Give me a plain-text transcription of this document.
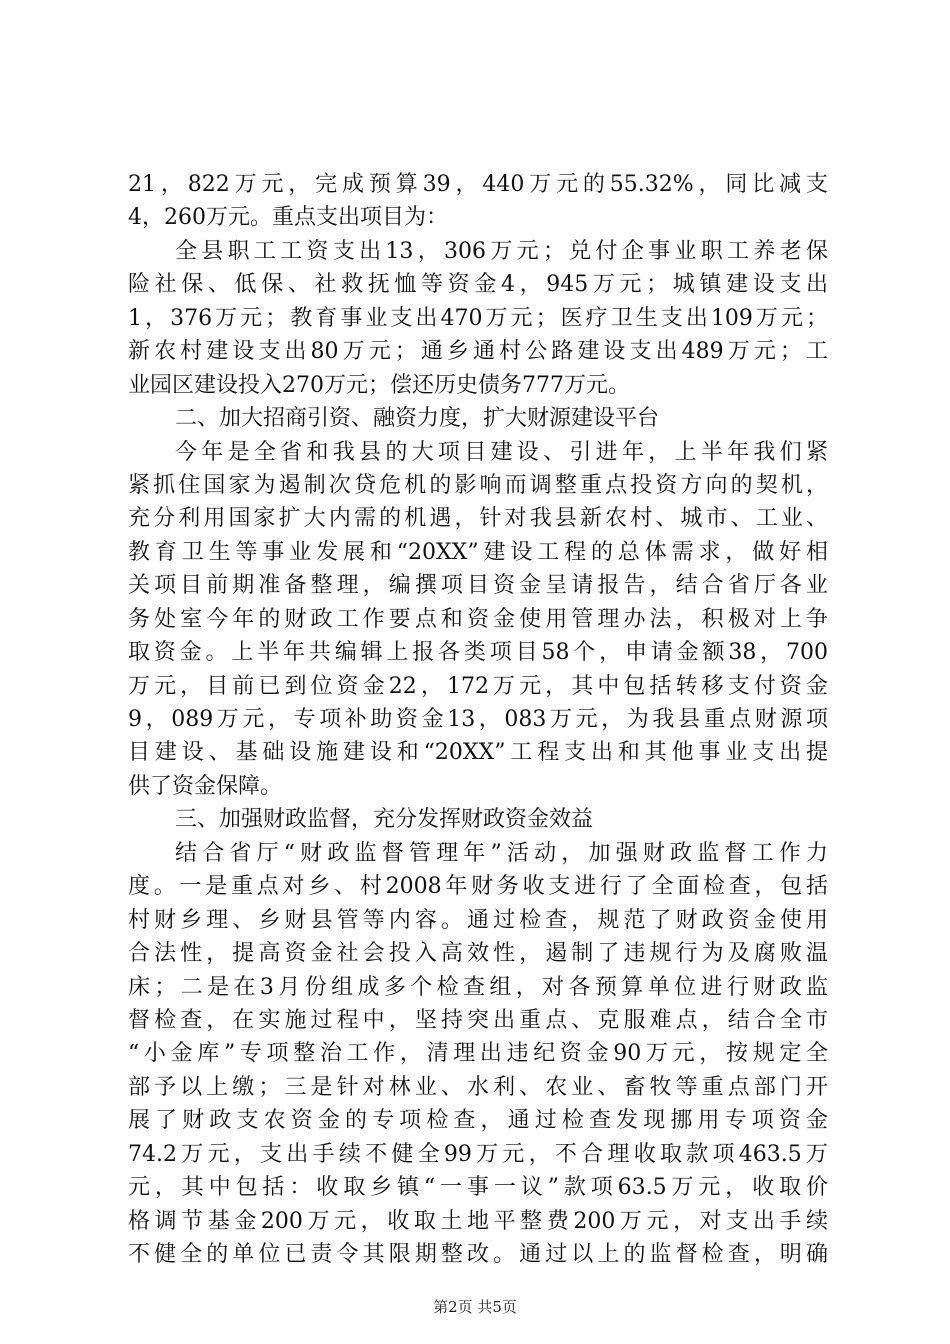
21，822万元，完成预算39，440万元的55.32%，同比减支
4，260万元。重点支出项目为：
全县职工工资支出13，306万元；兑付企事业职工养老保
险社保、低保、社救抚恤等资金4，945万元；城镇建设支出
1，376万元；教育事业支出470万元；医疗卫生支出109万元；
新农村建设支出80万元；通乡通村公路建设支出489万元；工
业园区建设投入270万元；偿还历史债务777万元。
二、加大招商引资、融资力度，扩大财源建设平台
今年是全省和我县的大项目建设、引进年，上半年我们紧
紧抓住国家为遏制次贷危机的影响而调整重点投资方向的契机，
充分利用国家扩大内需的机遇，针对我县新农村、城市、工业、
教育卫生等事业发展和“20XX”建设工程的总体需求，做好相
关项目前期准备整理，编撰项目资金呈请报告，结合省厅各业
务处室今年的财政工作要点和资金使用管理办法，积极对上争
取资金。上半年共编辑上报各类项目58个，申请金额38，700
万元，目前已到位资金22，172万元，其中包括转移支付资金
9，089万元，专项补助资金13，083万元，为我县重点财源项
目建设、基础设施建设和“20XX”工程支出和其他事业支出提
供了资金保障。
三、加强财政监督，充分发挥财政资金效益
结合省厅“财政监督管理年”活动，加强财政监督工作力
度。一是重点对乡、村2008年财务收支进行了全面检查，包括
村财乡理、乡财县管等内容。通过检查，规范了财政资金使用
合法性，提高资金社会投入高效性，遏制了违规行为及腐败温
床；二是在3月份组成多个检查组，对各预算单位进行财政监
督检查，在实施过程中，坚持突出重点、克服难点，结合全市
“小金库”专项整治工作，清理出违纪资金90万元，按规定全
部予以上缴；三是针对林业、水利、农业、畜牧等重点部门开
展了财政支农资金的专项检查，通过检查发现挪用专项资金
74.2万元，支出手续不健全99万元，不合理收取款项463.5万
元，其中包括：收取乡镇“一事一议”款项63.5万元，收取价
格调节基金200万元，收取土地平整费200万元，对支出手续
不健全的单位已责令其限期整改。通过以上的监督检查，明确
第2页 共5页
